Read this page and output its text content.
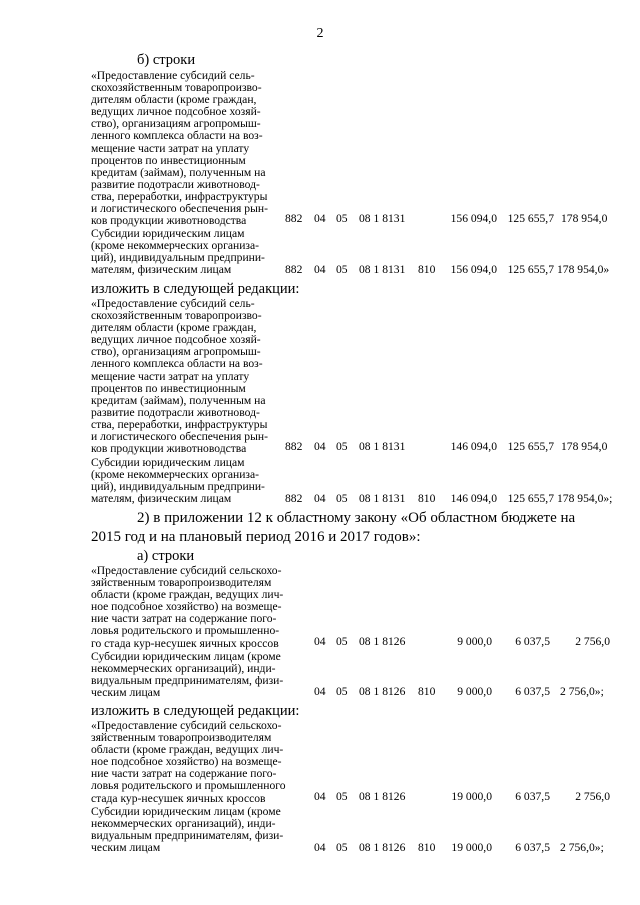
2
б) строки
«Предоставление субсидий сель-
скохозяйственным товаропроизво-
дителям области (кроме граждан,
ведущих личное подсобное хозяй-
ство), организациям агропромыш-
ленного комплекса области на воз-
мещение части затрат на уплату
процентов по инвестиционным
кредитам (займам), полученным на
развитие подотрасли животновод-
ства, переработки, инфраструктуры
и логистического обеспечения рын-
ков продукции животноводства	882 04 05 08 1 8131	156 094,0 125 655,7 178 954,0
Субсидии юридическим лицам
(кроме некоммерческих организа-
ций), индивидуальным предприни-
мателям, физическим лицам	882 04 05 08 1 8131 810	156 094,0 125 655,7 178 954,0»
изложить в следующей редакции:
«Предоставление субсидий сель-
скохозяйственным товаропроизво-
дителям области (кроме граждан,
ведущих личное подсобное хозяй-
ство), организациям агропромыш-
ленного комплекса области на воз-
мещение части затрат на уплату
процентов по инвестиционным
кредитам (займам), полученным на
развитие подотрасли животновод-
ства, переработки, инфраструктуры
и логистического обеспечения рын-
ков продукции животноводства	882 04 05 08 1 8131	146 094,0 125 655,7 178 954,0
Субсидии юридическим лицам
(кроме некоммерческих организа-
ций), индивидуальным предприни-
мателям, физическим лицам	882 04 05 08 1 8131 810	146 094,0 125 655,7 178 954,0»;
2) в приложении 12 к областному закону «Об областном бюджете на
2015 год и на плановый период 2016 и 2017 годов»:
а) строки
«Предоставление субсидий сельскохо-
зяйственным товаропроизводителям
области (кроме граждан, ведущих лич-
ное подсобное хозяйство) на возмеще-
ние части затрат на содержание пого-
ловья родительского и промышленно-
го стада кур-несушек яичных кроссов	04 05 08 1 8126	9 000,0	6 037,5	2 756,0
Субсидии юридическим лицам (кроме
некоммерческих организаций), инди-
видуальным предпринимателям, физи-
ческим лицам	04 05 08 1 8126 810	9 000,0	6 037,5 2 756,0»;
изложить в следующей редакции:
«Предоставление субсидий сельскохо-
зяйственным товаропроизводителям
области (кроме граждан, ведущих лич-
ное подсобное хозяйство) на возмеще-
ние части затрат на содержание пого-
ловья родительского и промышленного
стада кур-несушек яичных кроссов	04 05 08 1 8126	19 000,0	6 037,5	2 756,0
Субсидии юридическим лицам (кроме
некоммерческих организаций), инди-
видуальным предпринимателям, физи-
ческим лицам	04 05 08 1 8126 810	19 000,0	6 037,5 2 756,0»;
